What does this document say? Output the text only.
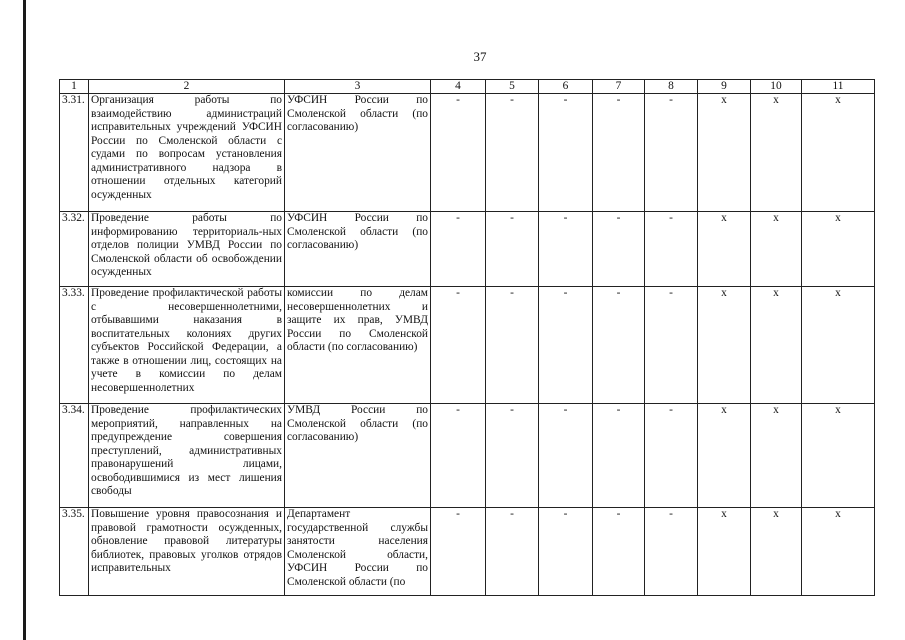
37
1	2	3	4	5	6	7	8	9	10	11
3.31.	Организация работы по взаимодействию администраций исправительных учреждений УФСИН России по Смоленской области с судами по вопросам установления административного надзора в отношении отдельных категорий осужденных	УФСИН России по Смоленской области (по согласованию)	-	-	-	-	-	х	х	х
3.32.	Проведение работы по информированию территориаль-ных отделов полиции УМВД России по Смоленской области об освобождении осужденных	УФСИН России по Смоленской области (по согласованию)	-	-	-	-	-	х	х	х
3.33.	Проведение профилактической работы с несовершеннолетними, отбывавшими наказания в воспитательных колониях других субъектов Российской Федерации, а также в отношении лиц, состоящих на учете в комиссии по делам несовершеннолетних	комиссии по делам несовершеннолетних и защите их прав, УМВД России по Смоленской области (по согласованию)	-	-	-	-	-	х	х	х
3.34.	Проведение профилактических мероприятий, направленных на предупреждение совершения преступлений, административных правонарушений лицами, освободившимися из мест лишения свободы	УМВД России по Смоленской области (по согласованию)	-	-	-	-	-	х	х	х
3.35.	Повышение уровня правосознания и правовой грамотности осужденных, обновление правовой литературы библиотек, правовых уголков отрядов исправительных	Департамент государственной службы занятости населения Смоленской области, УФСИН России по Смоленской области (по	-	-	-	-	-	х	х	х
